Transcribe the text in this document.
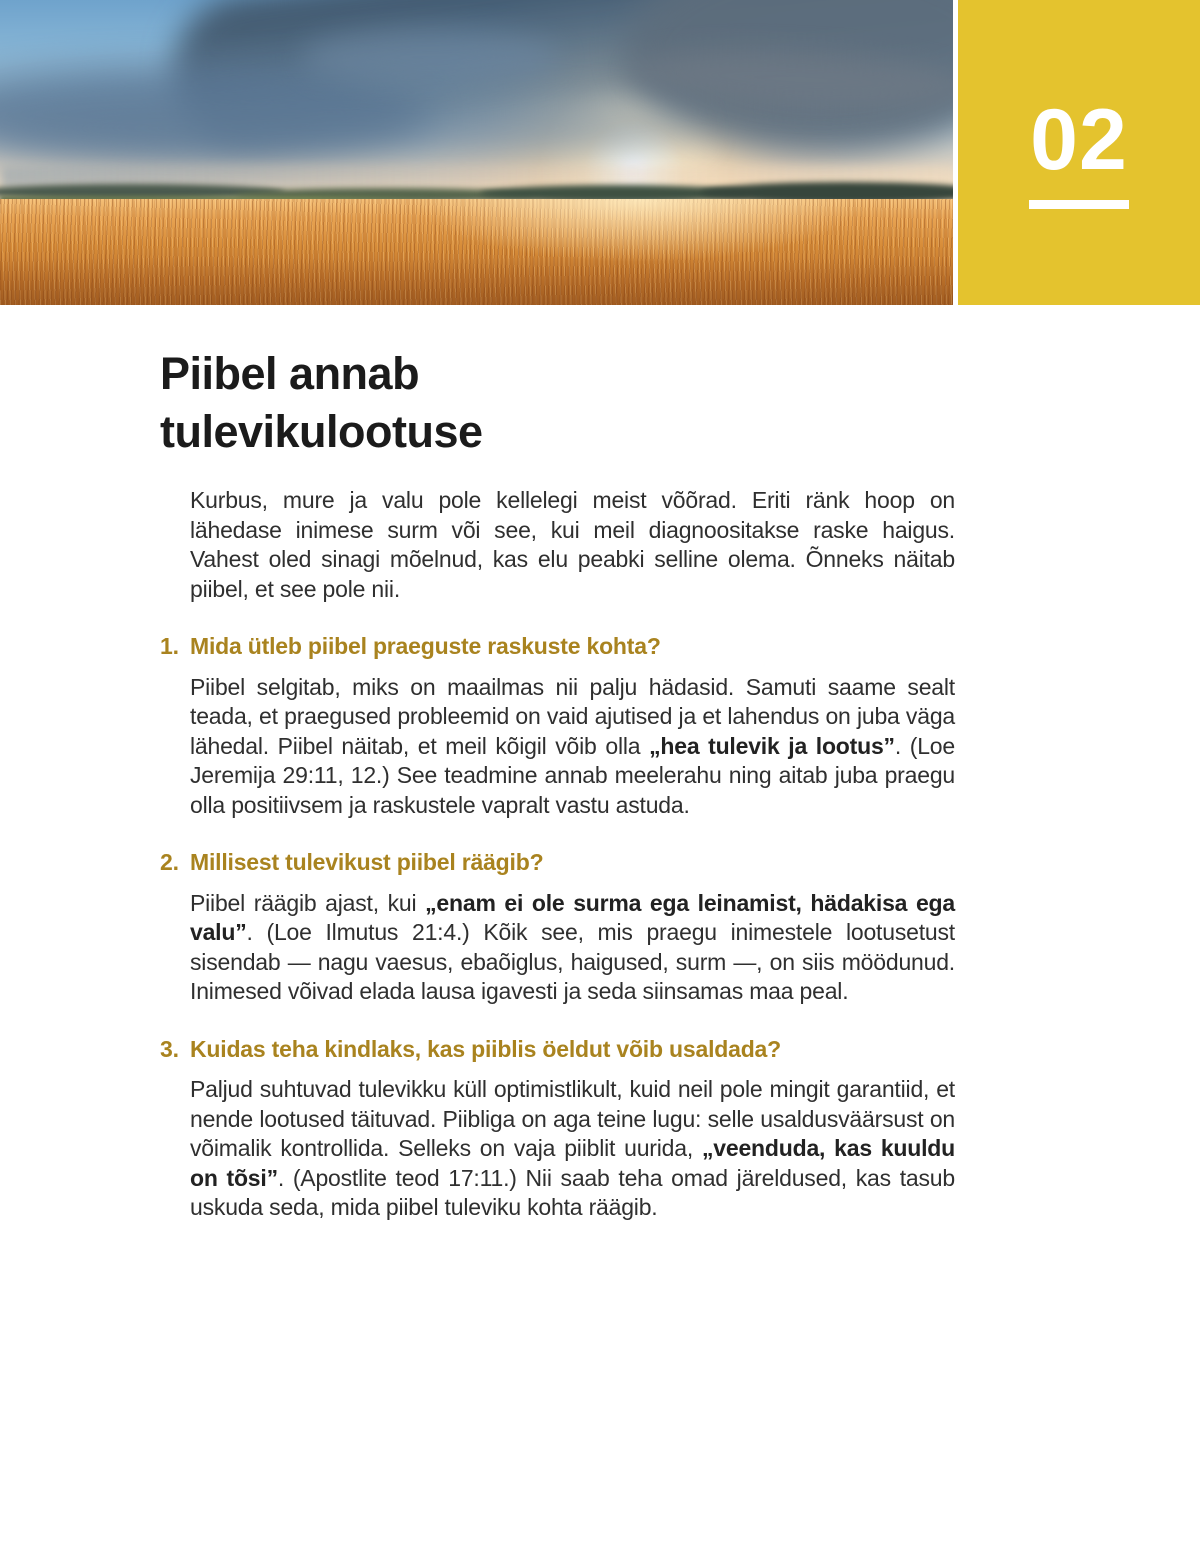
02
Piibel annab tulevikulootuse

Kurbus, mure ja valu pole kellelegi meist võõrad. Eriti ränk hoop on lähedase inimese surm või see, kui meil diagnoositakse raske haigus. Vahest oled sinagi mõelnud, kas elu peabki selline olema. Õnneks näitab piibel, et see pole nii.

1. Mida ütleb piibel praeguste raskuste kohta?

Piibel selgitab, miks on maailmas nii palju hädasid. Samuti saame sealt teada, et praegused probleemid on vaid ajutised ja et lahendus on juba väga lähedal. Piibel näitab, et meil kõigil võib olla „hea tulevik ja lootus”. (Loe Jeremija 29:11, 12.) See teadmine annab meelerahu ning aitab juba praegu olla positiivsem ja raskustele vapralt vastu astuda.

2. Millisest tulevikust piibel räägib?

Piibel räägib ajast, kui „enam ei ole surma ega leinamist, hädakisa ega valu”. (Loe Ilmutus 21:4.) Kõik see, mis praegu inimestele lootusetust sisendab — nagu vaesus, ebaõiglus, haigused, surm —, on siis möödunud. Inimesed võivad elada lausa igavesti ja seda siinsamas maa peal.

3. Kuidas teha kindlaks, kas piiblis öeldut võib usaldada?

Paljud suhtuvad tulevikku küll optimistlikult, kuid neil pole mingit garantiid, et nende lootused täituvad. Piibliga on aga teine lugu: selle usaldusväärsust on võimalik kontrollida. Selleks on vaja piiblit uurida, „veenduda, kas kuuldu on tõsi”. (Apostlite teod 17:11.) Nii saab teha omad järeldused, kas tasub uskuda seda, mida piibel tuleviku kohta räägib.
